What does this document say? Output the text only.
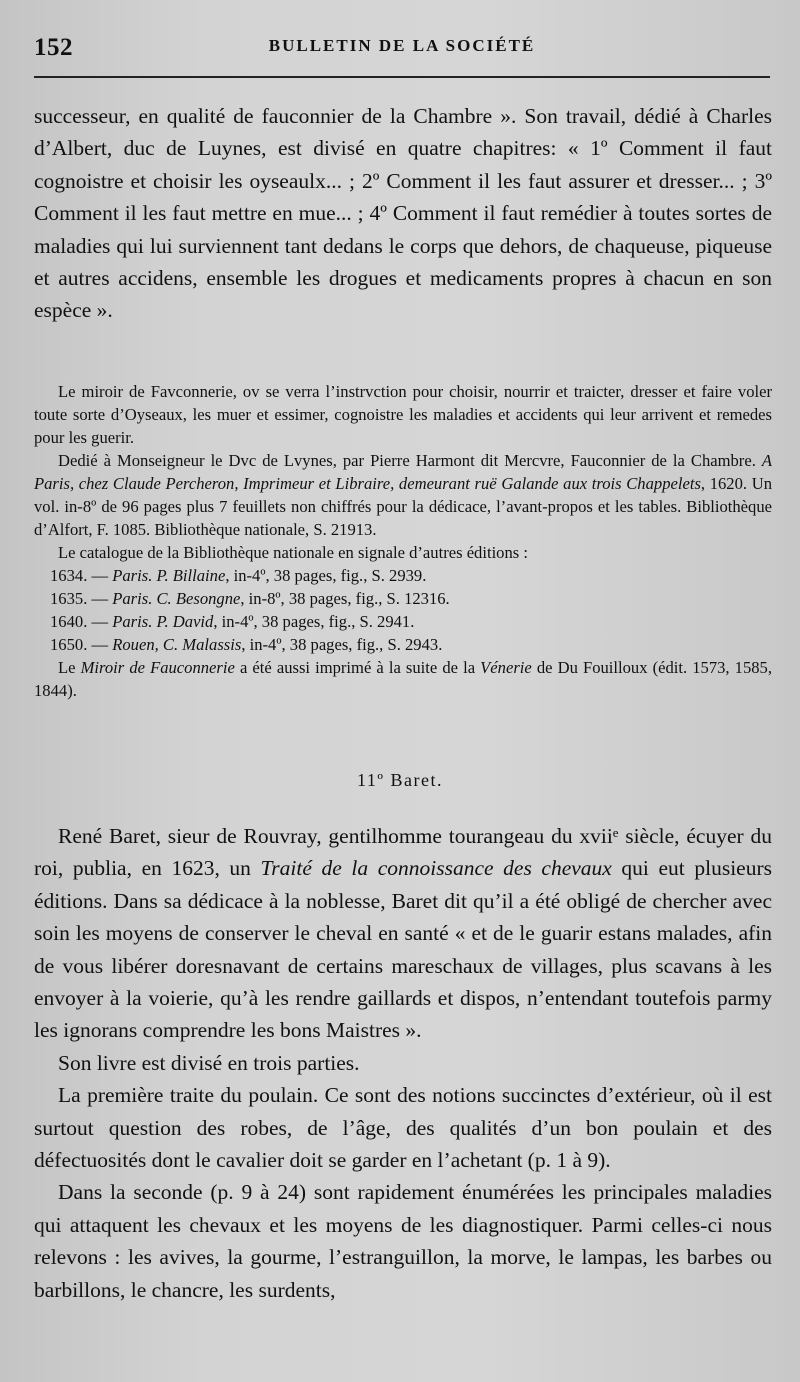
152	BULLETIN DE LA SOCIÉTÉ

successeur, en qualité de fauconnier de la Chambre ». Son travail, dédié à Charles d’Albert, duc de Luynes, est divisé en quatre chapitres: « 1º Comment il faut cognoistre et choisir les oyseaulx... ; 2º Comment il les faut assurer et dresser... ; 3º Comment il les faut mettre en mue... ; 4º Comment il faut remédier à toutes sortes de maladies qui lui surviennent tant dedans le corps que dehors, de chaqueuse, piqueuse et autres accidens, ensemble les drogues et medicaments propres à chacun en son espèce ».

Le miroir de Favconnerie, ov se verra l’instrvction pour choisir, nourrir et traicter, dresser et faire voler toute sorte d’Oyseaux, les muer et essimer, cognoistre les maladies et accidents qui leur arrivent et remedes pour les guerir.

Dedié à Monseigneur le Dvc de Lvynes, par Pierre Harmont dit Mercvre, Fauconnier de la Chambre. A Paris, chez Claude Percheron, Imprimeur et Libraire, demeurant ruë Galande aux trois Chappelets, 1620. Un vol. in-8º de 96 pages plus 7 feuillets non chiffrés pour la dédicace, l’avant-propos et les tables. Bibliothèque d’Alfort, F. 1085. Bibliothèque nationale, S. 21913.

Le catalogue de la Bibliothèque nationale en signale d’autres éditions :

1634. — Paris. P. Billaine, in-4º, 38 pages, fig., S. 2939.

1635. — Paris. C. Besongne, in-8º, 38 pages, fig., S. 12316.

1640. — Paris. P. David, in-4º, 38 pages, fig., S. 2941.

1650. — Rouen, C. Malassis, in-4º, 38 pages, fig., S. 2943.

Le Miroir de Fauconnerie a été aussi imprimé à la suite de la Vénerie de Du Fouilloux (édit. 1573, 1585, 1844).

11º Baret.

René Baret, sieur de Rouvray, gentilhomme tourangeau du xviiᵉ siècle, écuyer du roi, publia, en 1623, un Traité de la connoissance des chevaux qui eut plusieurs éditions. Dans sa dédicace à la noblesse, Baret dit qu’il a été obligé de chercher avec soin les moyens de conserver le cheval en santé « et de le guarir estans malades, afin de vous libérer doresnavant de certains mareschaux de villages, plus scavans à les envoyer à la voierie, qu’à les rendre gaillards et dispos, n’entendant toutefois parmy les ignorans comprendre les bons Maistres ».

Son livre est divisé en trois parties.

La première traite du poulain. Ce sont des notions succinctes d’extérieur, où il est surtout question des robes, de l’âge, des qualités d’un bon poulain et des défectuosités dont le cavalier doit se garder en l’achetant (p. 1 à 9).

Dans la seconde (p. 9 à 24) sont rapidement énumérées les principales maladies qui attaquent les chevaux et les moyens de les diagnostiquer. Parmi celles-ci nous relevons : les avives, la gourme, l’estranguillon, la morve, le lampas, les barbes ou barbillons, le chancre, les surdents,
